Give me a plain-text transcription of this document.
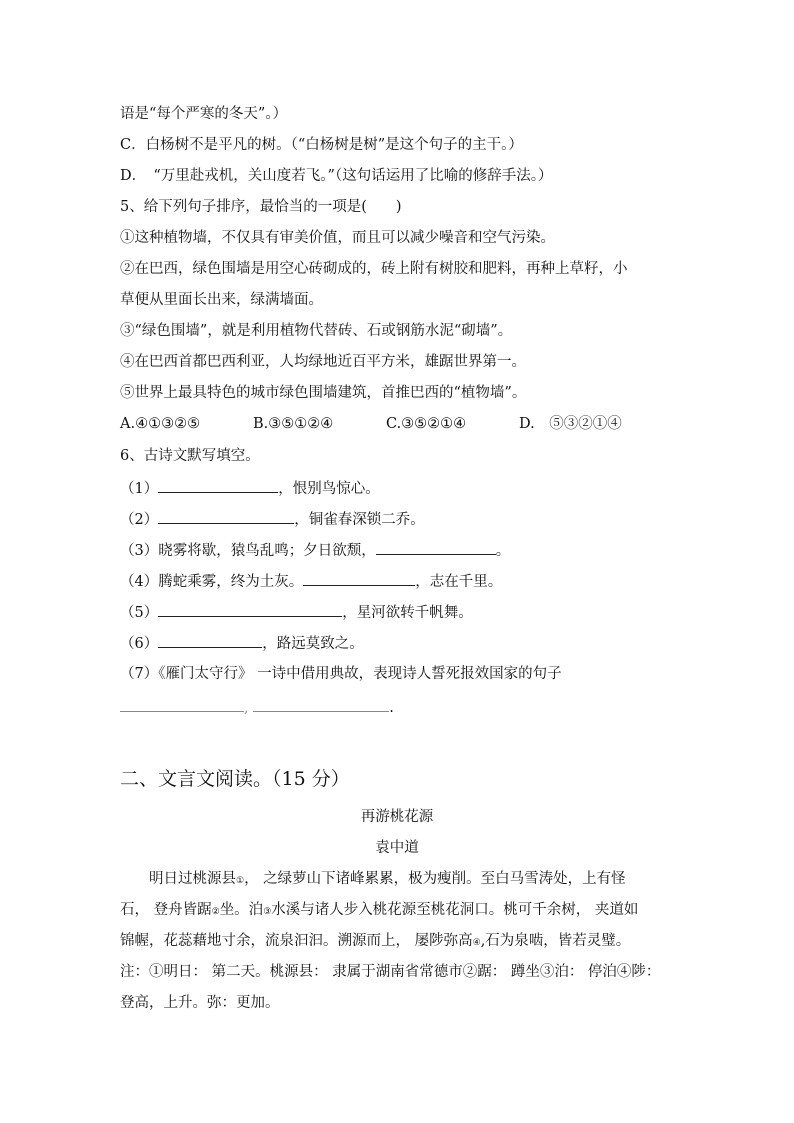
语是“每个严寒的冬天”。）
C．白杨树不是平凡的树。（“白杨树是树”是这个句子的主干。）
D．　“万里赴戎机，关山度若飞。”（这句话运用了比喻的修辞手法。）
5、给下列句子排序，最恰当的一项是(　　)
①这种植物墙，不仅具有审美价值，而且可以减少噪音和空气污染。
②在巴西，绿色围墙是用空心砖砌成的，砖上附有树胶和肥料，再种上草籽，小
草便从里面长出来，绿满墙面。
③“绿色围墙”，就是利用植物代替砖、石或钢筋水泥“砌墙”。
④在巴西首都巴西利亚，人均绿地近百平方米，雄踞世界第一。
⑤世界上最具特色的城市绿色围墙建筑，首推巴西的“植物墙”。
A.④①③②⑤	B.③⑤①②④	C.③⑤②①④	D.　⑤③②①④
6、古诗文默写填空。
（1）	，恨别鸟惊心。
（2）	，铜雀春深锁二乔。
（3）晓雾将歇，猿鸟乱鸣；夕日欲颓，	。
（4）腾蛇乘雾，终为土灰。	，志在千里。
（5）	，星河欲转千帆舞。
（6）	，路远莫致之。
（7）《雁门太守行》 一诗中借用典故，表现诗人誓死报效国家的句子
,	.
二、文言文阅读。（15 分）
再游桃花源
袁中道
明日过桃源县①， 之绿萝山下诸峰累累，极为瘦削。至白马雪涛处，上有怪
石， 登舟皆踞②坐。泊③水溪与诸人步入桃花源至桃花洞口。桃可千余树， 夹道如
锦幄，花蕊藉地寸余，流泉汩汩。溯源而上， 屡陟弥高④,石为泉啮，皆若灵璧。
注：①明日： 第二天。桃源县： 隶属于湖南省常德市②踞： 蹲坐③泊： 停泊④陟：
登高，上升。弥：更加。
